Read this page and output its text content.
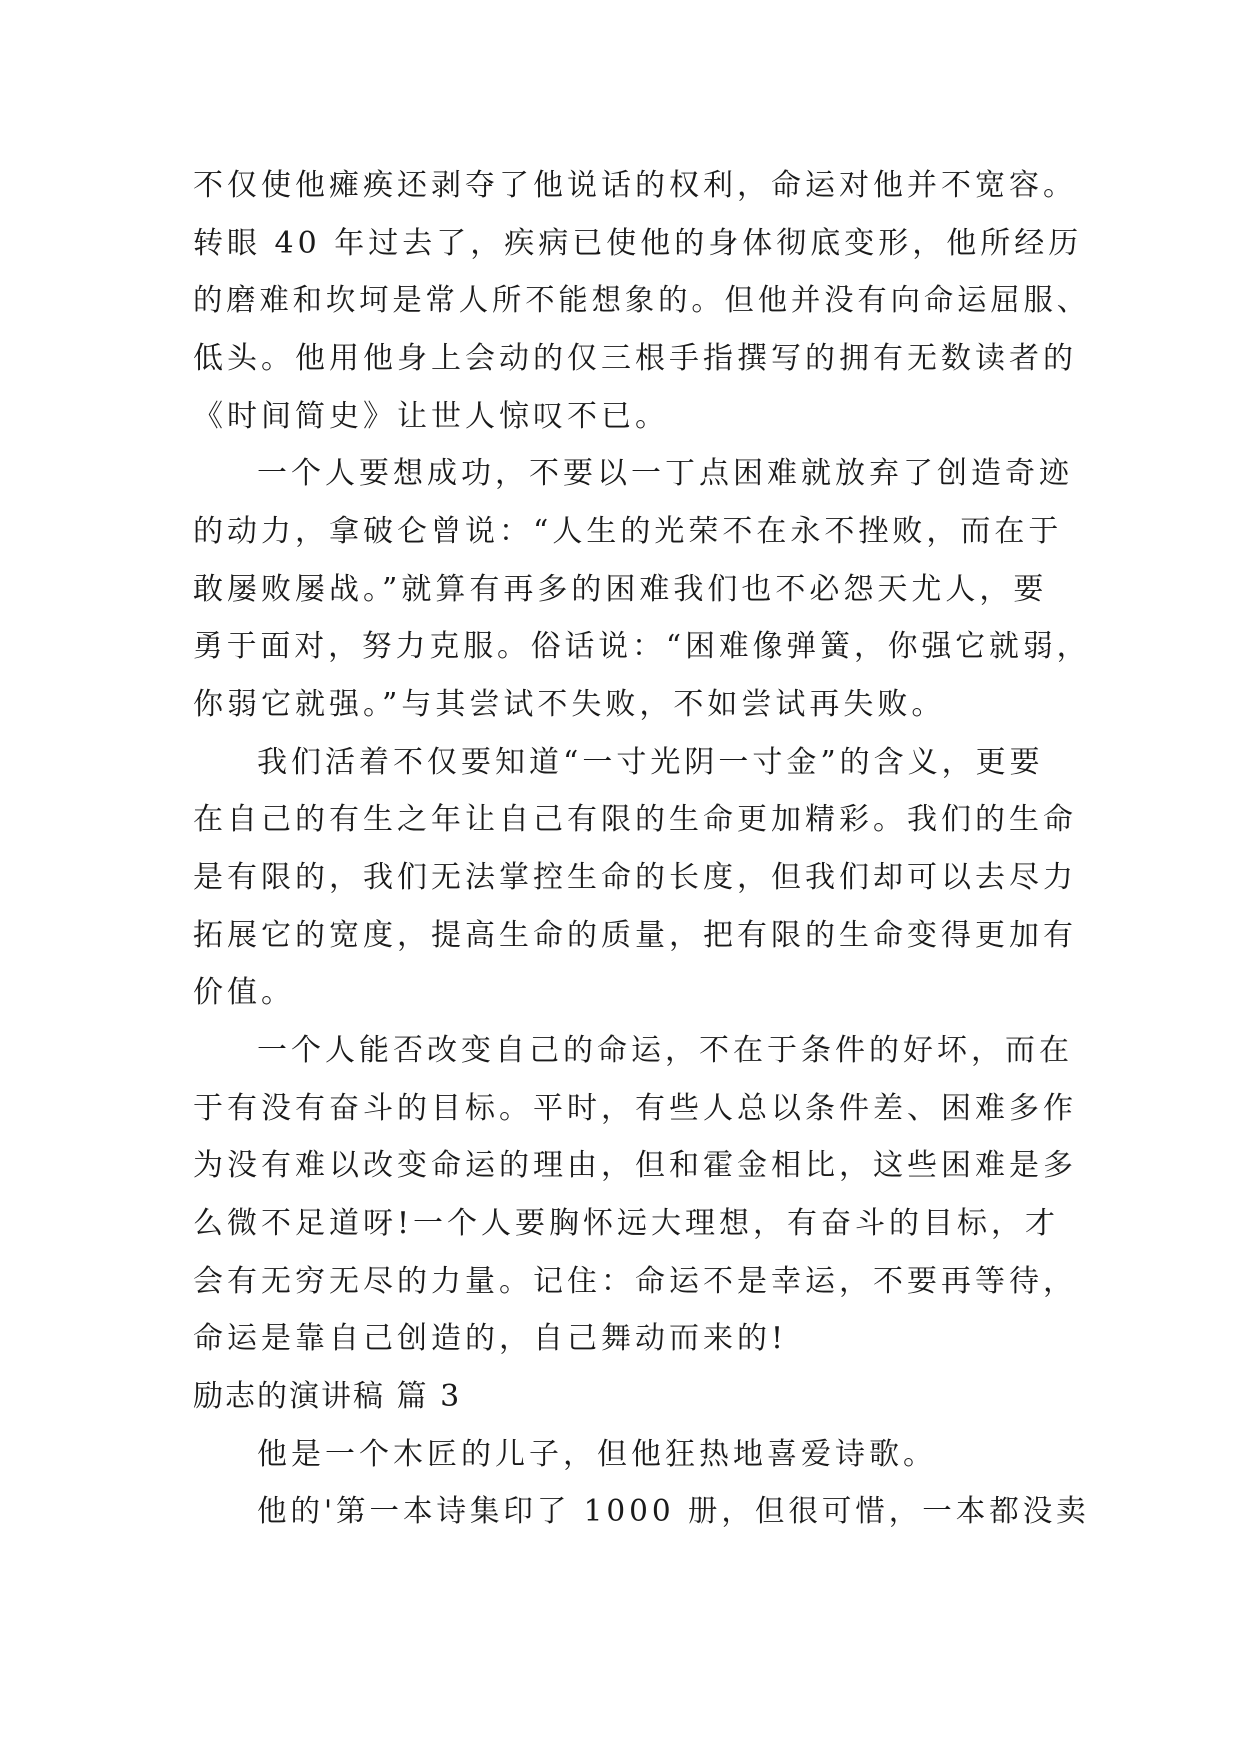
不仅使他瘫痪还剥夺了他说话的权利，命运对他并不宽容。
转眼 40 年过去了，疾病已使他的身体彻底变形，他所经历
的磨难和坎坷是常人所不能想象的。但他并没有向命运屈服、
低头。他用他身上会动的仅三根手指撰写的拥有无数读者的
《时间简史》让世人惊叹不已。
一个人要想成功，不要以一丁点困难就放弃了创造奇迹
的动力，拿破仑曾说：“人生的光荣不在永不挫败，而在于
敢屡败屡战。”就算有再多的困难我们也不必怨天尤人，要
勇于面对，努力克服。俗话说：“困难像弹簧，你强它就弱，
你弱它就强。”与其尝试不失败，不如尝试再失败。
我们活着不仅要知道“一寸光阴一寸金”的含义，更要
在自己的有生之年让自己有限的生命更加精彩。我们的生命
是有限的，我们无法掌控生命的长度，但我们却可以去尽力
拓展它的宽度，提高生命的质量，把有限的生命变得更加有
价值。
一个人能否改变自己的命运，不在于条件的好坏，而在
于有没有奋斗的目标。平时，有些人总以条件差、困难多作
为没有难以改变命运的理由，但和霍金相比，这些困难是多
么微不足道呀!一个人要胸怀远大理想，有奋斗的目标，才
会有无穷无尽的力量。记住：命运不是幸运，不要再等待，
命运是靠自己创造的，自己舞动而来的!
励志的演讲稿 篇 3
他是一个木匠的儿子，但他狂热地喜爱诗歌。
他的'第一本诗集印了 1000 册，但很可惜，一本都没卖
